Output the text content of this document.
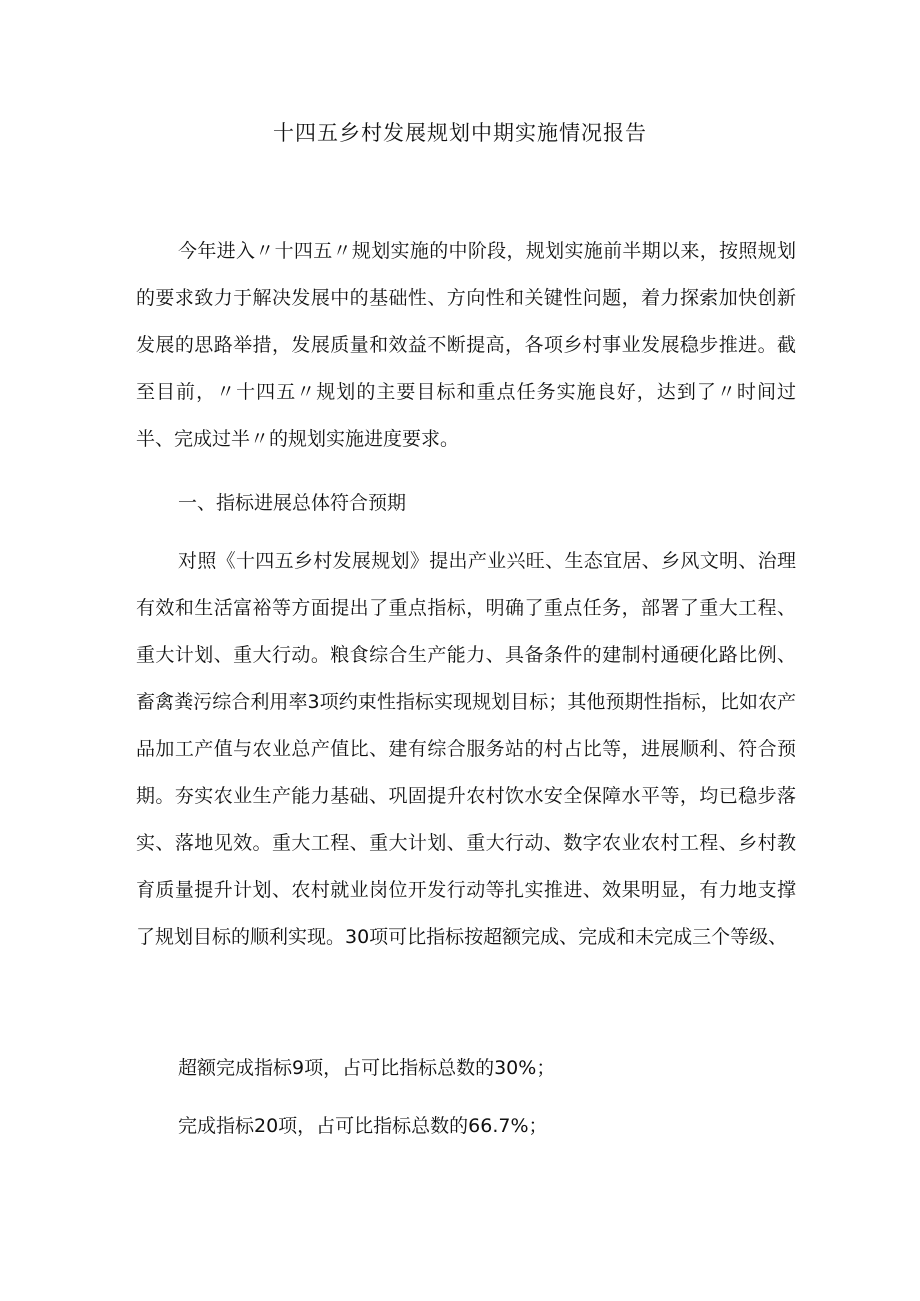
十四五乡村发展规划中期实施情况报告

今年进入〃十四五〃规划实施的中阶段，规划实施前半期以来，按照规划的要求致力于解决发展中的基础性、方向性和关键性问题，着力探索加快创新发展的思路举措，发展质量和效益不断提高，各项乡村事业发展稳步推进。截至目前，〃十四五〃规划的主要目标和重点任务实施良好，达到了〃时间过半、完成过半〃的规划实施进度要求。

一、指标进展总体符合预期

对照《十四五乡村发展规划》提出产业兴旺、生态宜居、乡风文明、治理有效和生活富裕等方面提出了重点指标，明确了重点任务，部署了重大工程、重大计划、重大行动。粮食综合生产能力、具备条件的建制村通硬化路比例、畜禽粪污综合利用率3项约束性指标实现规划目标；其他预期性指标，比如农产品加工产值与农业总产值比、建有综合服务站的村占比等，进展顺利、符合预期。夯实农业生产能力基础、巩固提升农村饮水安全保障水平等，均已稳步落实、落地见效。重大工程、重大计划、重大行动、数字农业农村工程、乡村教育质量提升计划、农村就业岗位开发行动等扎实推进、效果明显，有力地支撑了规划目标的顺利实现。30项可比指标按超额完成、完成和未完成三个等级、

超额完成指标9项，占可比指标总数的30%；

完成指标20项，占可比指标总数的66.7%；
